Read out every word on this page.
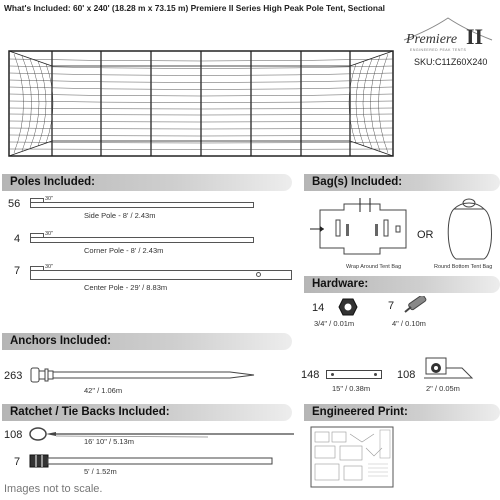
What's Included: 60' x 240' (18.28 m x 73.15 m) Premiere II Series High Peak Pole Tent, Sectional
Premiere II
ENGINEERED PEAK TENTS
SKU:C11Z60X240
Poles Included:
56	30"
Side Pole - 8' / 2.43m
4	30"
Corner Pole - 8' / 2.43m
7	30"
Center Pole - 29' / 8.83m
Bag(s) Included:
Wrap Around Tent Bag
OR
Round Bottom Tent Bag
Hardware:
14
3/4" / 0.01m
7
4" / 0.10m
Anchors Included:
263
42" / 1.06m
148
15" / 0.38m
108
2" / 0.05m
Ratchet / Tie Backs Included:
108
16' 10" / 5.13m
7
5' / 1.52m
Engineered Print:
Images not to scale.
